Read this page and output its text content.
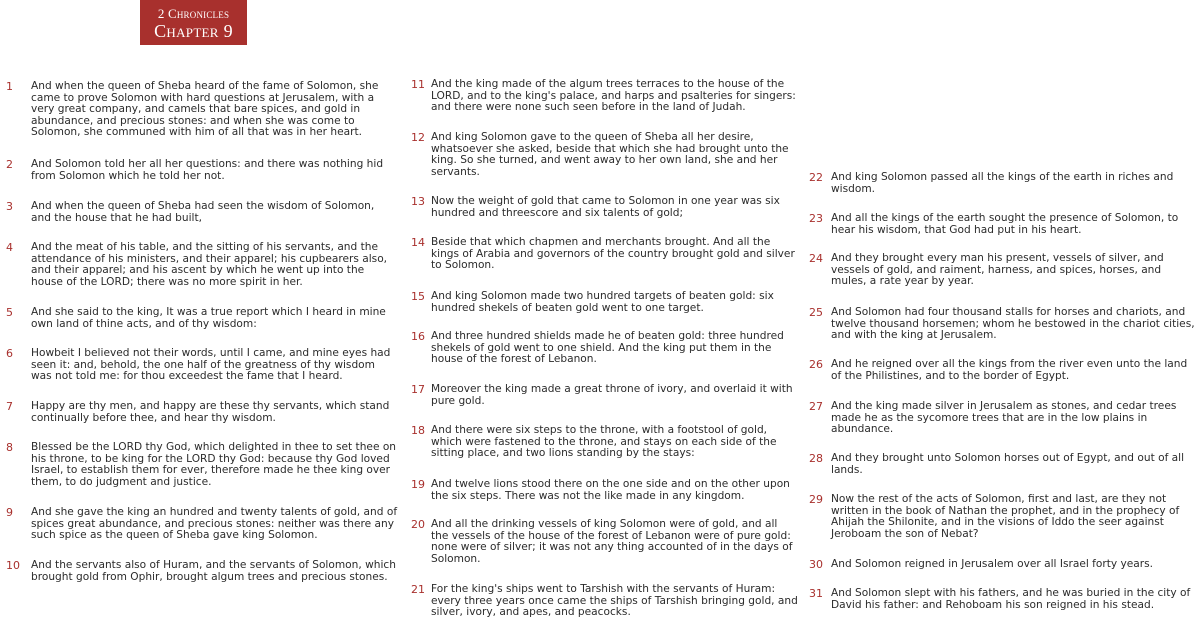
2 Chronicles
Chapter 9
1 And when the queen of Sheba heard of the fame of Solomon, she
came to prove Solomon with hard questions at Jerusalem, with a
very great company, and camels that bare spices, and gold in
abundance, and precious stones: and when she was come to
Solomon, she communed with him of all that was in her heart.
2 And Solomon told her all her questions: and there was nothing hid
from Solomon which he told her not.
3 And when the queen of Sheba had seen the wisdom of Solomon,
and the house that he had built,
4 And the meat of his table, and the sitting of his servants, and the
attendance of his ministers, and their apparel; his cupbearers also,
and their apparel; and his ascent by which he went up into the
house of the LORD; there was no more spirit in her.
5 And she said to the king, It was a true report which I heard in mine
own land of thine acts, and of thy wisdom:
6 Howbeit I believed not their words, until I came, and mine eyes had
seen it: and, behold, the one half of the greatness of thy wisdom
was not told me: for thou exceedest the fame that I heard.
7 Happy are thy men, and happy are these thy servants, which stand
continually before thee, and hear thy wisdom.
8 Blessed be the LORD thy God, which delighted in thee to set thee on
his throne, to be king for the LORD thy God: because thy God loved
Israel, to establish them for ever, therefore made he thee king over
them, to do judgment and justice.
9 And she gave the king an hundred and twenty talents of gold, and of
spices great abundance, and precious stones: neither was there any
such spice as the queen of Sheba gave king Solomon.
10 And the servants also of Huram, and the servants of Solomon, which
brought gold from Ophir, brought algum trees and precious stones.
11 And the king made of the algum trees terraces to the house of the
LORD, and to the king's palace, and harps and psalteries for singers:
and there were none such seen before in the land of Judah.
12 And king Solomon gave to the queen of Sheba all her desire,
whatsoever she asked, beside that which she had brought unto the
king. So she turned, and went away to her own land, she and her
servants.
13 Now the weight of gold that came to Solomon in one year was six
hundred and threescore and six talents of gold;
14 Beside that which chapmen and merchants brought. And all the
kings of Arabia and governors of the country brought gold and silver
to Solomon.
15 And king Solomon made two hundred targets of beaten gold: six
hundred shekels of beaten gold went to one target.
16 And three hundred shields made he of beaten gold: three hundred
shekels of gold went to one shield. And the king put them in the
house of the forest of Lebanon.
17 Moreover the king made a great throne of ivory, and overlaid it with
pure gold.
18 And there were six steps to the throne, with a footstool of gold,
which were fastened to the throne, and stays on each side of the
sitting place, and two lions standing by the stays:
19 And twelve lions stood there on the one side and on the other upon
the six steps. There was not the like made in any kingdom.
20 And all the drinking vessels of king Solomon were of gold, and all
the vessels of the house of the forest of Lebanon were of pure gold:
none were of silver; it was not any thing accounted of in the days of
Solomon.
21 For the king's ships went to Tarshish with the servants of Huram:
every three years once came the ships of Tarshish bringing gold, and
silver, ivory, and apes, and peacocks.
22 And king Solomon passed all the kings of the earth in riches and
wisdom.
23 And all the kings of the earth sought the presence of Solomon, to
hear his wisdom, that God had put in his heart.
24 And they brought every man his present, vessels of silver, and
vessels of gold, and raiment, harness, and spices, horses, and
mules, a rate year by year.
25 And Solomon had four thousand stalls for horses and chariots, and
twelve thousand horsemen; whom he bestowed in the chariot cities,
and with the king at Jerusalem.
26 And he reigned over all the kings from the river even unto the land
of the Philistines, and to the border of Egypt.
27 And the king made silver in Jerusalem as stones, and cedar trees
made he as the sycomore trees that are in the low plains in
abundance.
28 And they brought unto Solomon horses out of Egypt, and out of all
lands.
29 Now the rest of the acts of Solomon, first and last, are they not
written in the book of Nathan the prophet, and in the prophecy of
Ahijah the Shilonite, and in the visions of Iddo the seer against
Jeroboam the son of Nebat?
30 And Solomon reigned in Jerusalem over all Israel forty years.
31 And Solomon slept with his fathers, and he was buried in the city of
David his father: and Rehoboam his son reigned in his stead.
